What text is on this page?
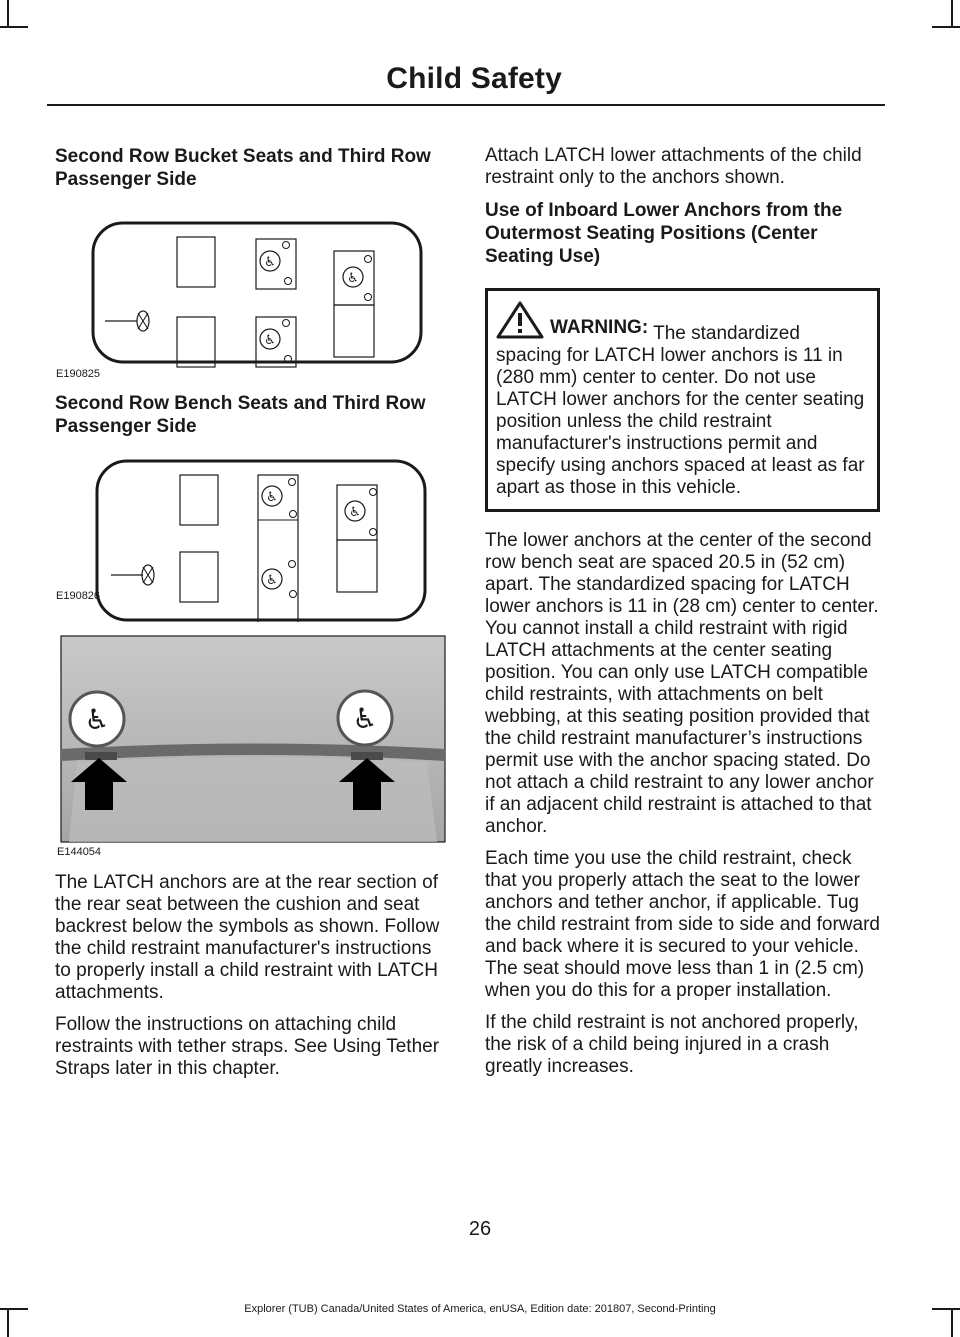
Child Safety
Second Row Bucket Seats and Third Row Passenger Side
♿
♿
♿
E190825
Second Row Bench Seats and Third Row Passenger Side
♿
♿
♿
E190826
♿	♿
E144054

The LATCH anchors are at the rear section of the rear seat between the cushion and seat backrest below the symbols as shown. Follow the child restraint manufacturer's instructions to properly install a child restraint with LATCH attachments.

Follow the instructions on attaching child restraints with tether straps. See Using Tether Straps later in this chapter.

Attach LATCH lower attachments of the child restraint only to the anchors shown.

Use of Inboard Lower Anchors from the Outermost Seating Positions (Center Seating Use)
WARNING: The standardized spacing for LATCH lower anchors is 11 in (280 mm) center to center. Do not use LATCH lower anchors for the center seating position unless the child restraint manufacturer's instructions permit and specify using anchors spaced at least as far apart as those in this vehicle.

The lower anchors at the center of the second row bench seat are spaced 20.5 in (52 cm) apart. The standardized spacing for LATCH lower anchors is 11 in (28 cm) center to center. You cannot install a child restraint with rigid LATCH attachments at the center seating position. You can only use LATCH compatible child restraints, with attachments on belt webbing, at this seating position provided that the child restraint manufacturer’s instructions permit use with the anchor spacing stated. Do not attach a child restraint to any lower anchor if an adjacent child restraint is attached to that anchor.

Each time you use the child restraint, check that you properly attach the seat to the lower anchors and tether anchor, if applicable. Tug the child restraint from side to side and forward and back where it is secured to your vehicle. The seat should move less than 1 in (2.5 cm) when you do this for a proper installation.

If the child restraint is not anchored properly, the risk of a child being injured in a crash greatly increases.

26
Explorer (TUB) Canada/United States of America, enUSA, Edition date: 201807, Second-Printing
